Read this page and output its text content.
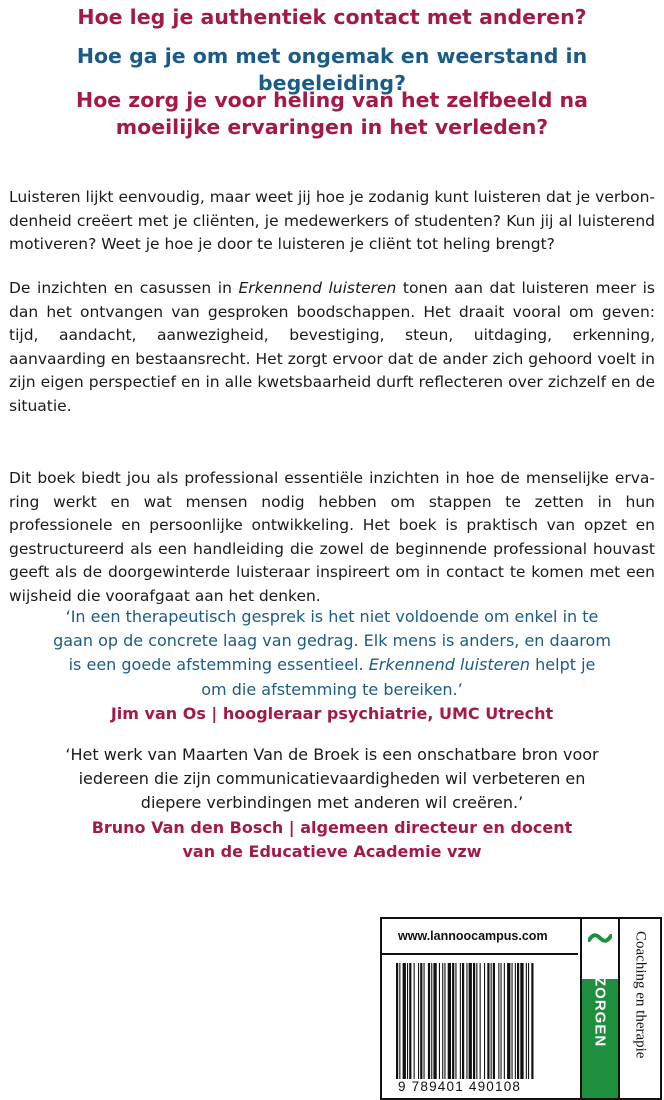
Hoe leg je authentiek contact met anderen?
Hoe ga je om met ongemak en weerstand in begeleiding?
Hoe zorg je voor heling van het zelfbeeld na
moeilijke ervaringen in het verleden?

Luisteren lijkt eenvoudig, maar weet jij hoe je zodanig kunt luisteren dat je verbondenheid creëert met je cliënten, je medewerkers of studenten? Kun jij al luisterend motiveren? Weet je hoe je door te luisteren je cliënt tot heling brengt?

De inzichten en casussen in Erkennend luisteren tonen aan dat luisteren meer is dan het ontvangen van gesproken boodschappen. Het draait vooral om geven: tijd, aandacht, aanwezigheid, bevestiging, steun, uitdaging, erkenning, aanvaarding en bestaansrecht. Het zorgt ervoor dat de ander zich gehoord voelt in zijn eigen perspectief en in alle kwetsbaarheid durft reflecteren over zichzelf en de situatie.

Dit boek biedt jou als professional essentiële inzichten in hoe de menselijke ervaring werkt en wat mensen nodig hebben om stappen te zetten in hun professionele en persoonlijke ontwikkeling. Het boek is praktisch van opzet en gestructureerd als een handleiding die zowel de beginnende professional houvast geeft als de doorgewinterde luisteraar inspireert om in contact te komen met een wijsheid die voorafgaat aan het denken.

‘In een therapeutisch gesprek is het niet voldoende om enkel in te
gaan op de concrete laag van gedrag. Elk mens is anders, en daarom
is een goede afstemming essentieel. Erkennend luisteren helpt je
om die afstemming te bereiken.’
Jim van Os | hoogleraar psychiatrie, UMC Utrecht

‘Het werk van Maarten Van de Broek is een onschatbare bron voor
iedereen die zijn communicatievaardigheden wil verbeteren en
diepere verbindingen met anderen wil creëren.’
Bruno Van den Bosch | algemeen directeur en docent
van de Educatieve Academie vzw

www.lannoocampus.com
9 789401 490108
ZORGEN Coaching en therapie
